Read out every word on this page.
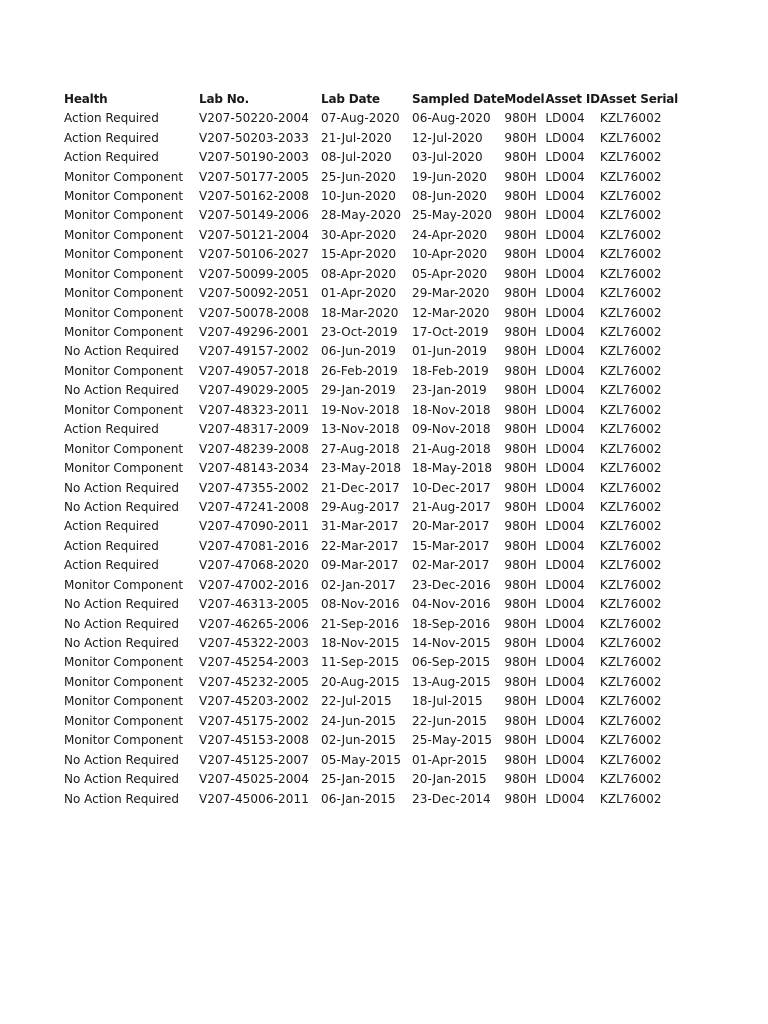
Health	Lab No.	Lab Date	Sampled Date	Model	Asset ID	Asset Serial
Action Required	V207-50220-2004	07-Aug-2020	06-Aug-2020	980H	LD004	KZL76002
Action Required	V207-50203-2033	21-Jul-2020	12-Jul-2020	980H	LD004	KZL76002
Action Required	V207-50190-2003	08-Jul-2020	03-Jul-2020	980H	LD004	KZL76002
Monitor Component	V207-50177-2005	25-Jun-2020	19-Jun-2020	980H	LD004	KZL76002
Monitor Component	V207-50162-2008	10-Jun-2020	08-Jun-2020	980H	LD004	KZL76002
Monitor Component	V207-50149-2006	28-May-2020	25-May-2020	980H	LD004	KZL76002
Monitor Component	V207-50121-2004	30-Apr-2020	24-Apr-2020	980H	LD004	KZL76002
Monitor Component	V207-50106-2027	15-Apr-2020	10-Apr-2020	980H	LD004	KZL76002
Monitor Component	V207-50099-2005	08-Apr-2020	05-Apr-2020	980H	LD004	KZL76002
Monitor Component	V207-50092-2051	01-Apr-2020	29-Mar-2020	980H	LD004	KZL76002
Monitor Component	V207-50078-2008	18-Mar-2020	12-Mar-2020	980H	LD004	KZL76002
Monitor Component	V207-49296-2001	23-Oct-2019	17-Oct-2019	980H	LD004	KZL76002
No Action Required	V207-49157-2002	06-Jun-2019	01-Jun-2019	980H	LD004	KZL76002
Monitor Component	V207-49057-2018	26-Feb-2019	18-Feb-2019	980H	LD004	KZL76002
No Action Required	V207-49029-2005	29-Jan-2019	23-Jan-2019	980H	LD004	KZL76002
Monitor Component	V207-48323-2011	19-Nov-2018	18-Nov-2018	980H	LD004	KZL76002
Action Required	V207-48317-2009	13-Nov-2018	09-Nov-2018	980H	LD004	KZL76002
Monitor Component	V207-48239-2008	27-Aug-2018	21-Aug-2018	980H	LD004	KZL76002
Monitor Component	V207-48143-2034	23-May-2018	18-May-2018	980H	LD004	KZL76002
No Action Required	V207-47355-2002	21-Dec-2017	10-Dec-2017	980H	LD004	KZL76002
No Action Required	V207-47241-2008	29-Aug-2017	21-Aug-2017	980H	LD004	KZL76002
Action Required	V207-47090-2011	31-Mar-2017	20-Mar-2017	980H	LD004	KZL76002
Action Required	V207-47081-2016	22-Mar-2017	15-Mar-2017	980H	LD004	KZL76002
Action Required	V207-47068-2020	09-Mar-2017	02-Mar-2017	980H	LD004	KZL76002
Monitor Component	V207-47002-2016	02-Jan-2017	23-Dec-2016	980H	LD004	KZL76002
No Action Required	V207-46313-2005	08-Nov-2016	04-Nov-2016	980H	LD004	KZL76002
No Action Required	V207-46265-2006	21-Sep-2016	18-Sep-2016	980H	LD004	KZL76002
No Action Required	V207-45322-2003	18-Nov-2015	14-Nov-2015	980H	LD004	KZL76002
Monitor Component	V207-45254-2003	11-Sep-2015	06-Sep-2015	980H	LD004	KZL76002
Monitor Component	V207-45232-2005	20-Aug-2015	13-Aug-2015	980H	LD004	KZL76002
Monitor Component	V207-45203-2002	22-Jul-2015	18-Jul-2015	980H	LD004	KZL76002
Monitor Component	V207-45175-2002	24-Jun-2015	22-Jun-2015	980H	LD004	KZL76002
Monitor Component	V207-45153-2008	02-Jun-2015	25-May-2015	980H	LD004	KZL76002
No Action Required	V207-45125-2007	05-May-2015	01-Apr-2015	980H	LD004	KZL76002
No Action Required	V207-45025-2004	25-Jan-2015	20-Jan-2015	980H	LD004	KZL76002
No Action Required	V207-45006-2011	06-Jan-2015	23-Dec-2014	980H	LD004	KZL76002
